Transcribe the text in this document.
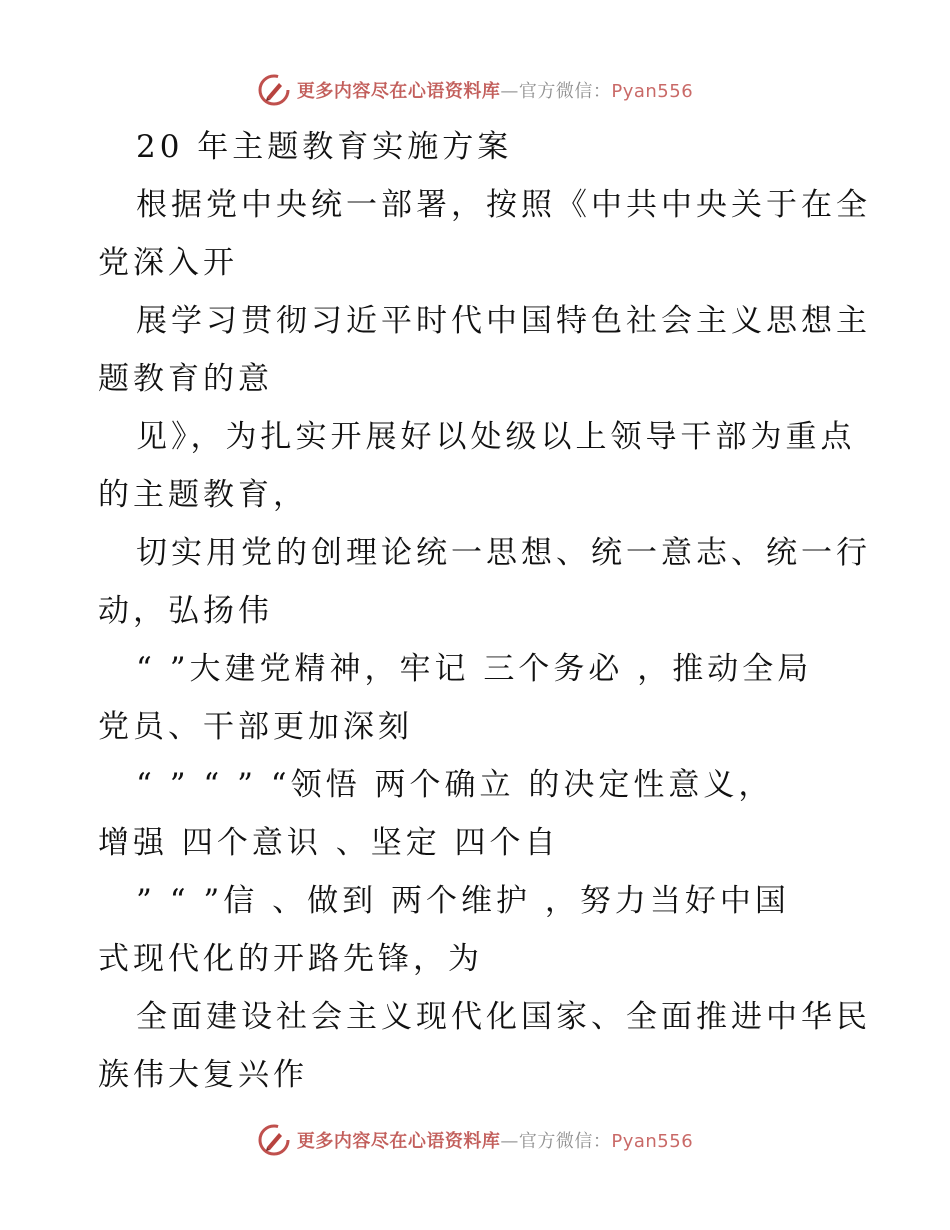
更多内容尽在心语资料库—官方微信：Pyan556
20 年主题教育实施方案
根据党中央统一部署，按照《中共中央关于在全
党深入开
展学习贯彻习近平时代中国特色社会主义思想主
题教育的意
见》，为扎实开展好以处级以上领导干部为重点
的主题教育，
切实用党的创理论统一思想、统一意志、统一行
动，弘扬伟
“ ”大建党精神，牢记 三个务必 ，推动全局
党员、干部更加深刻
“ ” “ ” “领悟 两个确立 的决定性意义，
增强 四个意识 、坚定 四个自
” “ ”信 、做到 两个维护 ，努力当好中国
式现代化的开路先锋，为
全面建设社会主义现代化国家、全面推进中华民
族伟大复兴作
更多内容尽在心语资料库—官方微信：Pyan556
